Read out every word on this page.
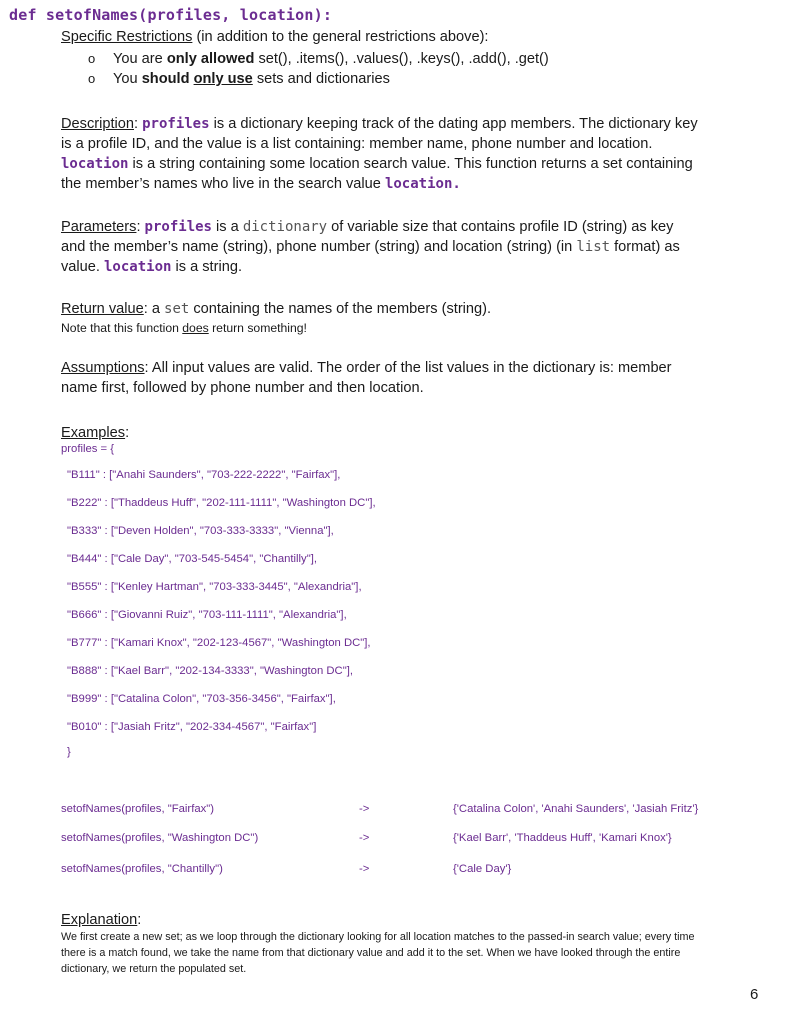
def setofNames(profiles, location):
Specific Restrictions (in addition to the general restrictions above):
o You are only allowed set(), .items(), .values(), .keys(), .add(), .get()
o You should only use sets and dictionaries
Description: profiles is a dictionary keeping track of the dating app members. The dictionary key
is a profile ID, and the value is a list containing: member name, phone number and location.
location is a string containing some location search value. This function returns a set containing
the member’s names who live in the search value location.
Parameters: profiles is a dictionary of variable size that contains profile ID (string) as key
and the member’s name (string), phone number (string) and location (string) (in list format) as
value. location is a string.
Return value: a set containing the names of the members (string).
Note that this function does return something!
Assumptions: All input values are valid. The order of the list values in the dictionary is: member
name first, followed by phone number and then location.
Examples:
profiles = {
"B111" : ["Anahi Saunders", "703-222-2222", "Fairfax"],
"B222" : ["Thaddeus Huff", "202-111-1111", "Washington DC"],
"B333" : ["Deven Holden", "703-333-3333", "Vienna"],
"B444" : ["Cale Day", "703-545-5454", "Chantilly"],
"B555" : ["Kenley Hartman", "703-333-3445", "Alexandria"],
"B666" : ["Giovanni Ruiz", "703-111-1111", "Alexandria"],
"B777" : ["Kamari Knox", "202-123-4567", "Washington DC"],
"B888" : ["Kael Barr", "202-134-3333", "Washington DC"],
"B999" : ["Catalina Colon", "703-356-3456", "Fairfax"],
"B010" : ["Jasiah Fritz", "202-334-4567", "Fairfax"]
}
setofNames(profiles, "Fairfax")	->	{'Catalina Colon', 'Anahi Saunders', 'Jasiah Fritz'}
setofNames(profiles, "Washington DC")	->	{'Kael Barr', 'Thaddeus Huff', 'Kamari Knox'}
setofNames(profiles, "Chantilly")	->	{'Cale Day'}
Explanation:
We first create a new set; as we loop through the dictionary looking for all location matches to the passed-in search value; every time
there is a match found, we take the name from that dictionary value and add it to the set. When we have looked through the entire
dictionary, we return the populated set.
6
